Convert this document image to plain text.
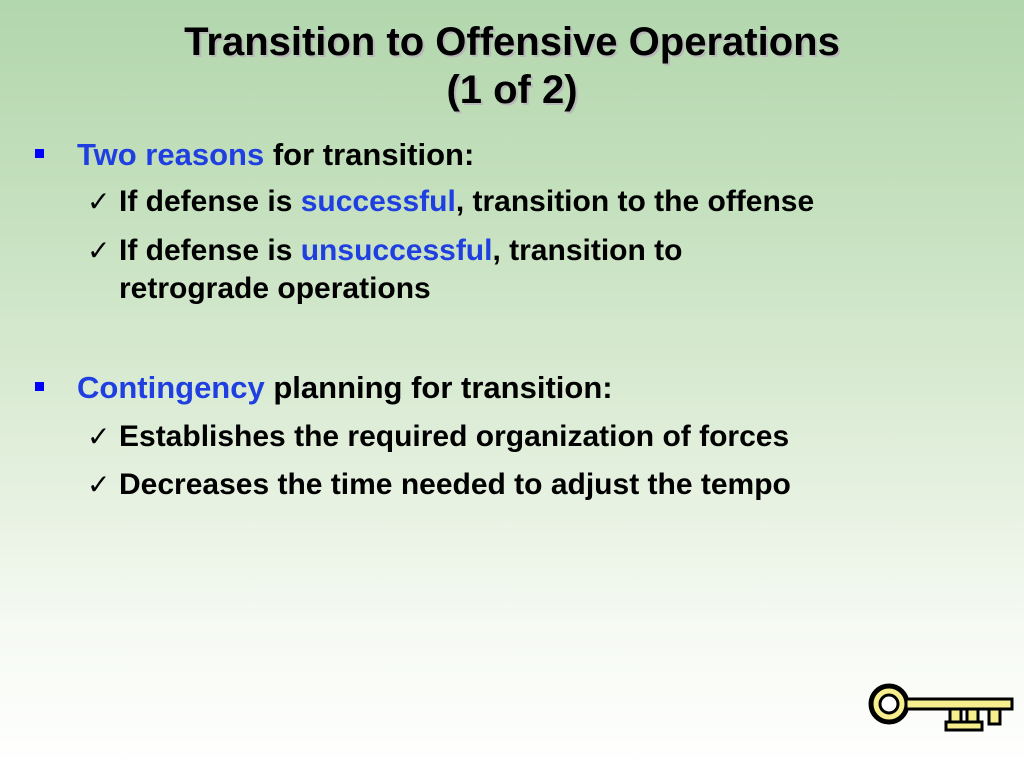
Transition to Offensive Operations
(1 of 2)
Two reasons for transition:
✓ If defense is successful, transition to the offense
✓ If defense is unsuccessful, transition to
retrograde operations
Contingency planning for transition:
✓ Establishes the required organization of forces
✓ Decreases the time needed to adjust the tempo
